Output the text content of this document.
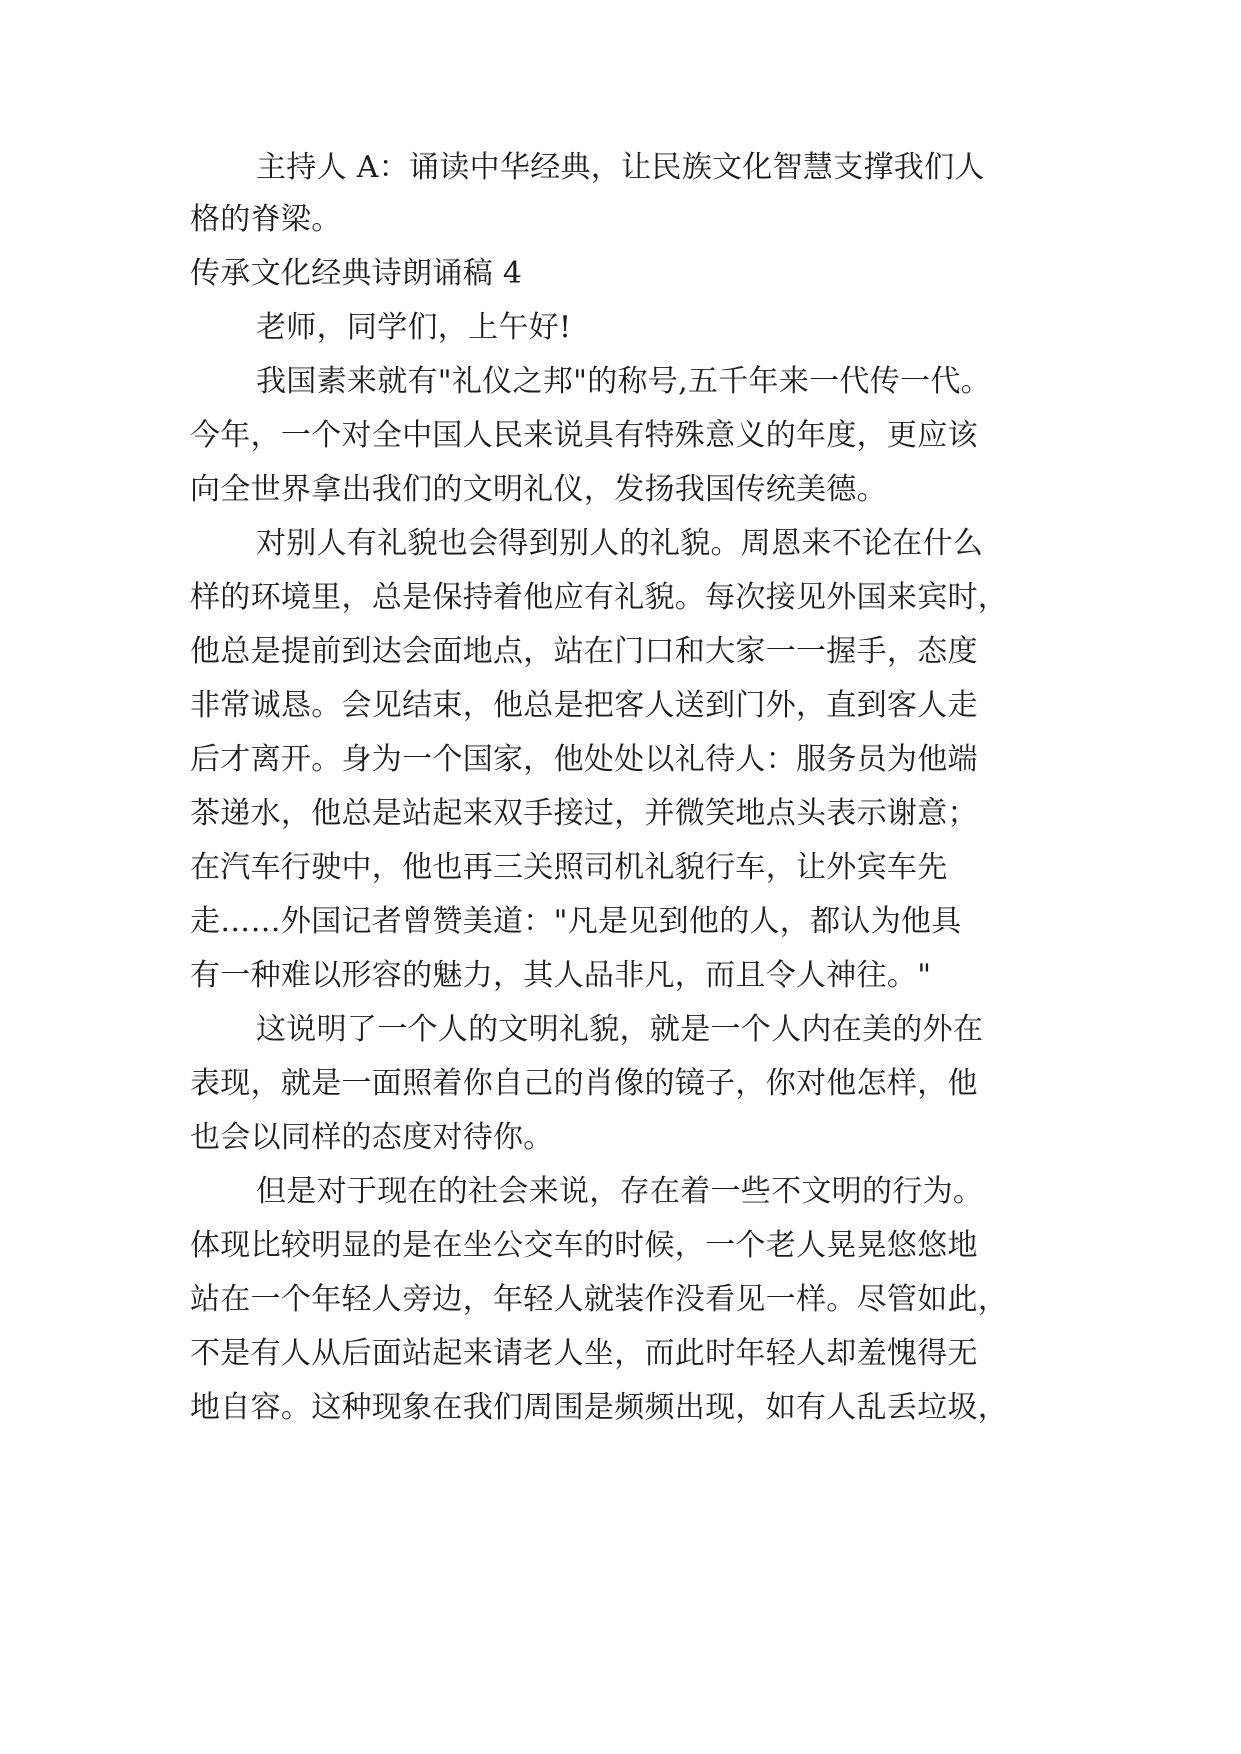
主持人 A：诵读中华经典，让民族文化智慧支撑我们人

格的脊梁。

传承文化经典诗朗诵稿 4

老师，同学们，上午好!

我国素来就有"礼仪之邦"的称号,五千年来一代传一代。

今年，一个对全中国人民来说具有特殊意义的年度，更应该

向全世界拿出我们的文明礼仪，发扬我国传统美德。

对别人有礼貌也会得到别人的礼貌。周恩来不论在什么

样的环境里，总是保持着他应有礼貌。每次接见外国来宾时，

他总是提前到达会面地点，站在门口和大家一一握手，态度

非常诚恳。会见结束，他总是把客人送到门外，直到客人走

后才离开。身为一个国家，他处处以礼待人：服务员为他端

茶递水，他总是站起来双手接过，并微笑地点头表示谢意；

在汽车行驶中，他也再三关照司机礼貌行车，让外宾车先

走……外国记者曾赞美道："凡是见到他的人，都认为他具

有一种难以形容的魅力，其人品非凡，而且令人神往。"

这说明了一个人的文明礼貌，就是一个人内在美的外在

表现，就是一面照着你自己的肖像的镜子，你对他怎样，他

也会以同样的态度对待你。

但是对于现在的社会来说，存在着一些不文明的行为。

体现比较明显的是在坐公交车的时候，一个老人晃晃悠悠地

站在一个年轻人旁边，年轻人就装作没看见一样。尽管如此，

不是有人从后面站起来请老人坐，而此时年轻人却羞愧得无

地自容。这种现象在我们周围是频频出现，如有人乱丢垃圾，
